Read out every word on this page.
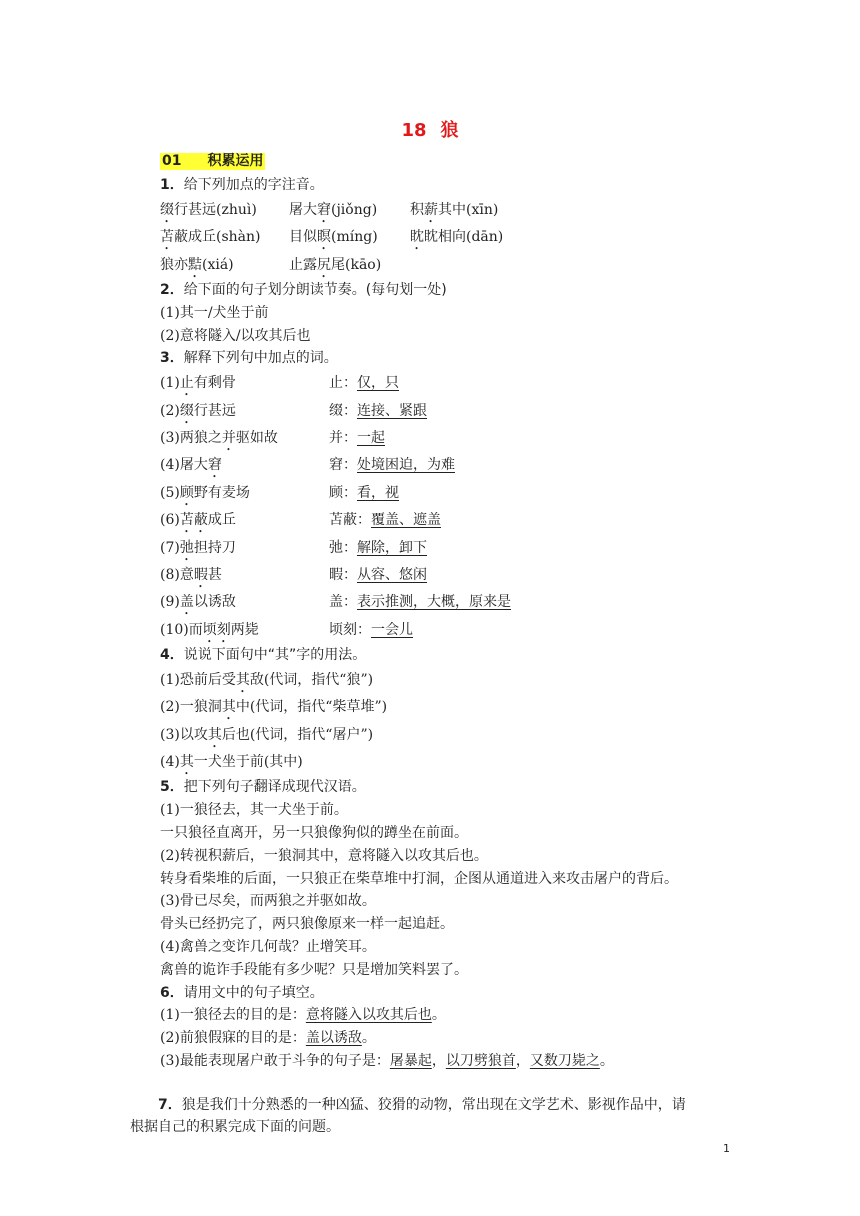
18 狼
01 积累运用
1．给下列加点的字注音。
缀行甚远(zhuì) 屠大窘(jiǒng) 积薪其中(xīn)
苫蔽成丘(shàn) 目似瞑(míng) 眈眈相向(dān)
狼亦黠(xiá)	止露尻尾(kāo)
2．给下面的句子划分朗读节奏。(每句划一处)
(1)其一/犬坐于前
(2)意将隧入/以攻其后也
3．解释下列句中加点的词。
(1)止有剩骨	止：仅，只
(2)缀行甚远	缀：连接、紧跟
(3)两狼之并驱如故	并：一起
(4)屠大窘	窘：处境困迫，为难
(5)顾野有麦场	顾：看，视
(6)苫蔽成丘	苫蔽：覆盖、遮盖
(7)弛担持刀	弛：解除，卸下
(8)意暇甚	暇：从容、悠闲
(9)盖以诱敌	盖：表示推测，大概，原来是
(10)而顷刻两毙	顷刻：一会儿
4．说说下面句中“其”字的用法。
(1)恐前后受其敌(代词，指代“狼”)
(2)一狼洞其中(代词，指代“柴草堆”)
(3)以攻其后也(代词，指代“屠户”)
(4)其一犬坐于前(其中)
5．把下列句子翻译成现代汉语。
(1)一狼径去，其一犬坐于前。
一只狼径直离开，另一只狼像狗似的蹲坐在前面。
(2)转视积薪后，一狼洞其中，意将隧入以攻其后也。
转身看柴堆的后面，一只狼正在柴草堆中打洞，企图从通道进入来攻击屠户的背后。
(3)骨已尽矣，而两狼之并驱如故。
骨头已经扔完了，两只狼像原来一样一起追赶。
(4)禽兽之变诈几何哉？止增笑耳。
禽兽的诡诈手段能有多少呢？只是增加笑料罢了。
6．请用文中的句子填空。
(1)一狼径去的目的是：意将隧入以攻其后也。
(2)前狼假寐的目的是：盖以诱敌。
(3)最能表现屠户敢于斗争的句子是：屠暴起，以刀劈狼首，又数刀毙之。
7．狼是我们十分熟悉的一种凶猛、狡猾的动物，常出现在文学艺术、影视作品中，请
根据自己的积累完成下面的问题。
1
